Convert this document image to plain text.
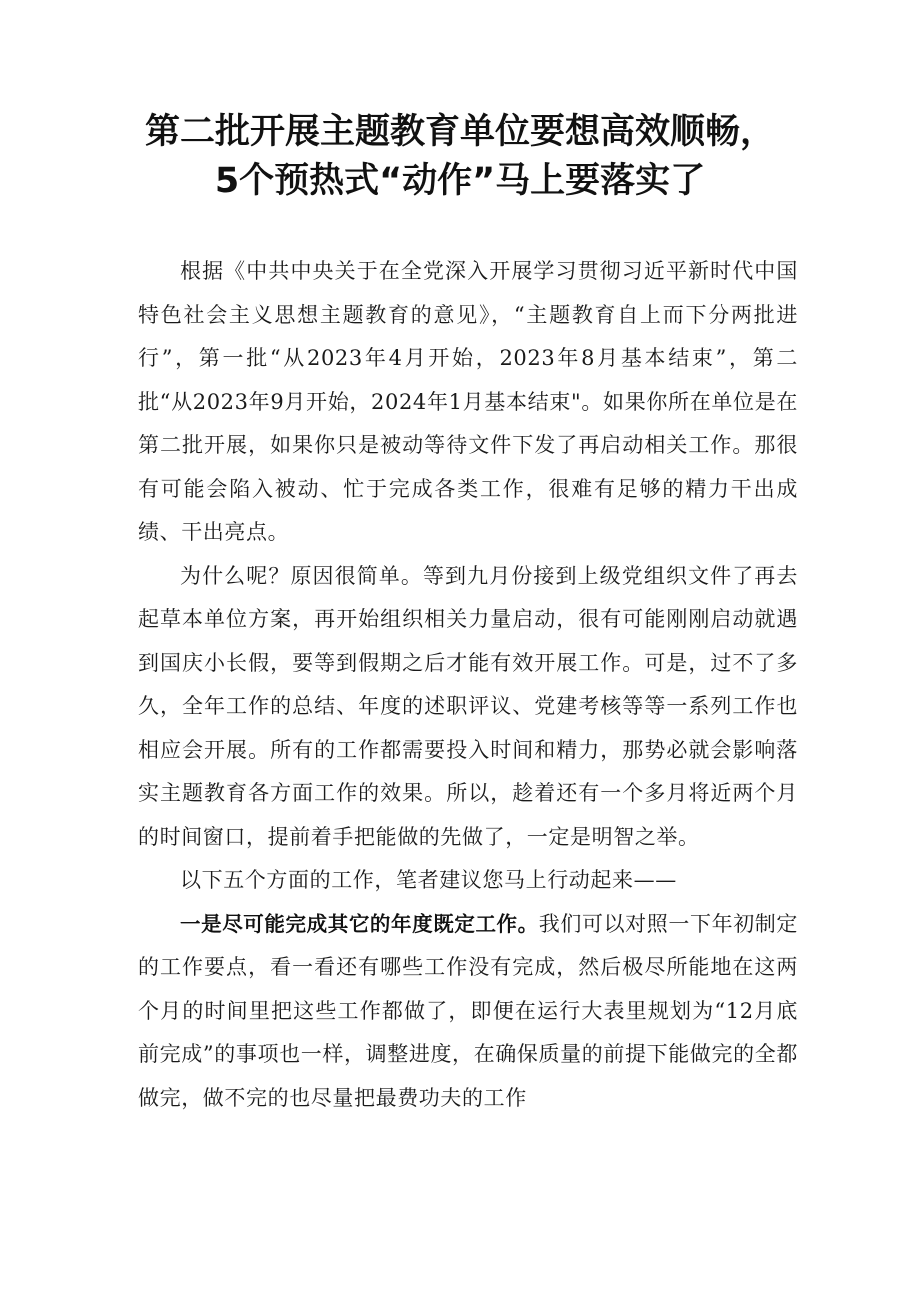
第二批开展主题教育单位要想高效顺畅，
5个预热式“动作”马上要落实了

根据《中共中央关于在全党深入开展学习贯彻习近平新时代中国特色社会主义思想主题教育的意见》，“主题教育自上而下分两批进行”，第一批“从2023年4月开始，2023年8月基本结束”，第二批“从2023年9月开始，2024年1月基本结束"。如果你所在单位是在第二批开展，如果你只是被动等待文件下发了再启动相关工作。那很有可能会陷入被动、忙于完成各类工作，很难有足够的精力干出成绩、干出亮点。

为什么呢？原因很简单。等到九月份接到上级党组织文件了再去起草本单位方案，再开始组织相关力量启动，很有可能刚刚启动就遇到国庆小长假，要等到假期之后才能有效开展工作。可是，过不了多久，全年工作的总结、年度的述职评议、党建考核等等一系列工作也相应会开展。所有的工作都需要投入时间和精力，那势必就会影响落实主题教育各方面工作的效果。所以，趁着还有一个多月将近两个月的时间窗口，提前着手把能做的先做了，一定是明智之举。

以下五个方面的工作，笔者建议您马上行动起来——

一是尽可能完成其它的年度既定工作。我们可以对照一下年初制定的工作要点，看一看还有哪些工作没有完成，然后极尽所能地在这两个月的时间里把这些工作都做了，即便在运行大表里规划为“12月底前完成”的事项也一样，调整进度，在确保质量的前提下能做完的全都做完，做不完的也尽量把最费功夫的工作
